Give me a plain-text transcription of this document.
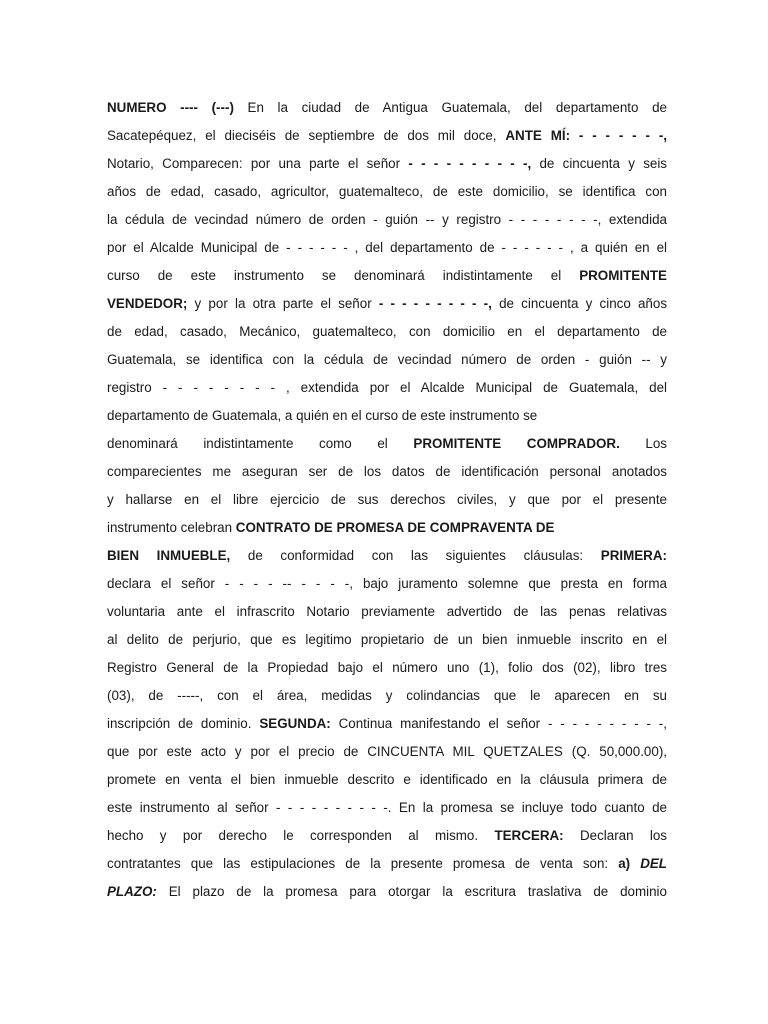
NUMERO ---- (---) En la ciudad de Antigua Guatemala, del departamento de
Sacatepéquez, el dieciséis de septiembre de dos mil doce, ANTE MÍ: - - - - - - -,
Notario, Comparecen: por una parte el señor - - - - - - - - - -, de cincuenta y seis
años de edad, casado, agricultor, guatemalteco, de este domicilio, se identifica con
la cédula de vecindad número de orden - guión -- y registro - - - - - - - -, extendida
por el Alcalde Municipal de - - - - - - , del departamento de - - - - - - , a quién en el
curso de este instrumento se denominará indistintamente el PROMITENTE
VENDEDOR; y por la otra parte el señor - - - - - - - - - -, de cincuenta y cinco años
de edad, casado, Mecánico, guatemalteco, con domicilio en el departamento de
Guatemala, se identifica con la cédula de vecindad número de orden - guión -- y
registro - - - - - - - - , extendida por el Alcalde Municipal de Guatemala, del
departamento de Guatemala, a quién en el curso de este instrumento se
denominará indistintamente como el PROMITENTE COMPRADOR. Los
comparecientes me aseguran ser de los datos de identificación personal anotados
y hallarse en el libre ejercicio de sus derechos civiles, y que por el presente
instrumento celebran CONTRATO DE PROMESA DE COMPRAVENTA DE
BIEN INMUEBLE, de conformidad con las siguientes cláusulas: PRIMERA:
declara el señor - - - - -- - - - -, bajo juramento solemne que presta en forma
voluntaria ante el infrascrito Notario previamente advertido de las penas relativas
al delito de perjurio, que es legitimo propietario de un bien inmueble inscrito en el
Registro General de la Propiedad bajo el número uno (1), folio dos (02), libro tres
(03), de -----, con el área, medidas y colindancias que le aparecen en su
inscripción de dominio. SEGUNDA: Continua manifestando el señor - - - - - - - - - -,
que por este acto y por el precio de CINCUENTA MIL QUETZALES (Q. 50,000.00),
promete en venta el bien inmueble descrito e identificado en la cláusula primera de
este instrumento al señor - - - - - - - - - -. En la promesa se incluye todo cuanto de
hecho y por derecho le corresponden al mismo. TERCERA: Declaran los
contratantes que las estipulaciones de la presente promesa de venta son: a) DEL
PLAZO: El plazo de la promesa para otorgar la escritura traslativa de dominio
